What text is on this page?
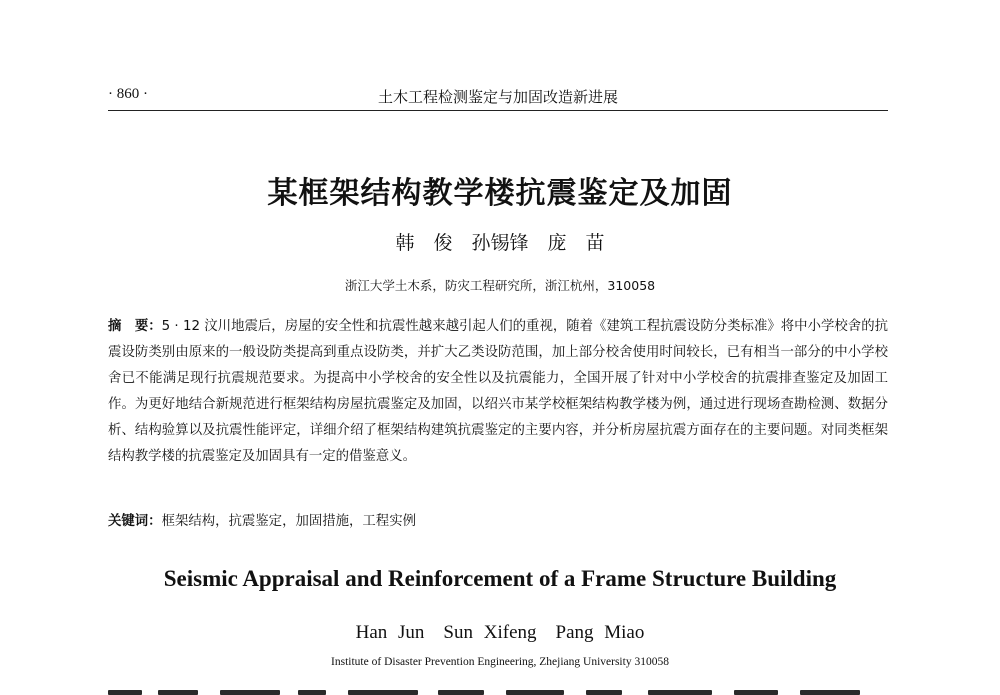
· 860 ·	土木工程检测鉴定与加固改造新进展
某框架结构教学楼抗震鉴定及加固
韩　俊　孙锡锋　庞　苗
浙江大学土木系，防灾工程研究所，浙江杭州，310058
摘　要：5 · 12 汶川地震后，房屋的安全性和抗震性越来越引起人们的重视，随着《建筑工程抗震设防分类标准》将中小学校舍的抗震设防类别由原来的一般设防类提高到重点设防类，并扩大乙类设防范围，加上部分校舍使用时间较长，已有相当一部分的中小学校舍已不能满足现行抗震规范要求。为提高中小学校舍的安全性以及抗震能力，全国开展了针对中小学校舍的抗震排查鉴定及加固工作。为更好地结合新规范进行框架结构房屋抗震鉴定及加固，以绍兴市某学校框架结构教学楼为例，通过进行现场查勘检测、数据分析、结构验算以及抗震性能评定，详细介绍了框架结构建筑抗震鉴定的主要内容，并分析房屋抗震方面存在的主要问题。对同类框架结构教学楼的抗震鉴定及加固具有一定的借鉴意义。
关键词：框架结构，抗震鉴定，加固措施，工程实例
Seismic Appraisal and Reinforcement of a Frame Structure Building
Han Jun　Sun Xifeng　Pang Miao
Institute of Disaster Prevention Engineering, Zhejiang University 310058
